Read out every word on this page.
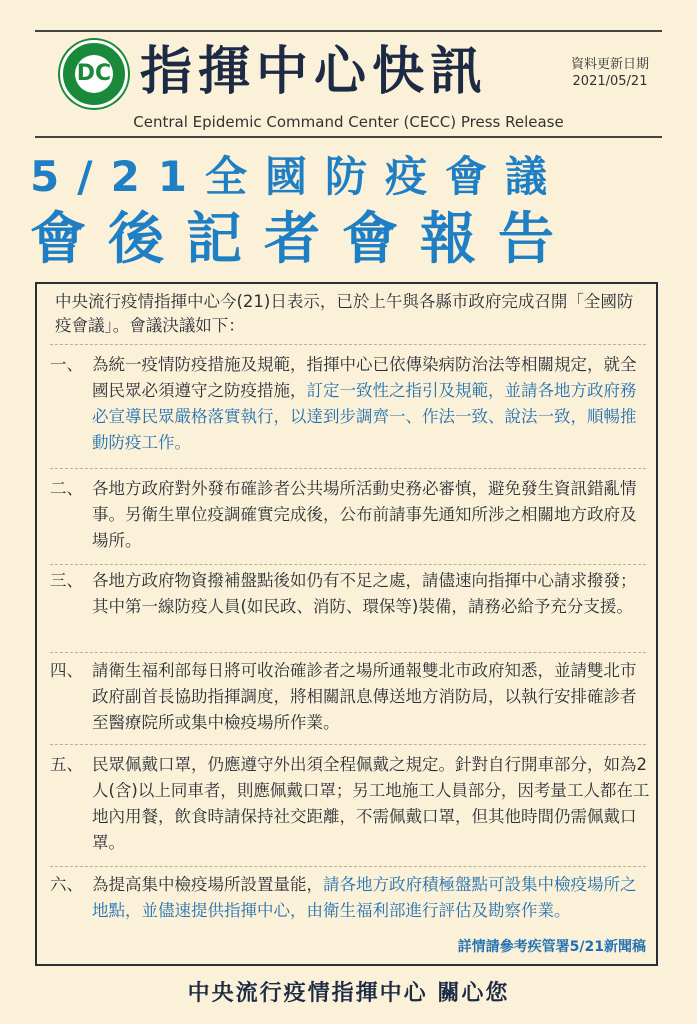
DC 指揮中心快訊	資料更新日期
2021/05/21
Central Epidemic Command Center (CECC) Press Release
5/21全國防疫會議
會後記者會報告
中央流行疫情指揮中心今(21)日表示，已於上午與各縣市政府完成召開「全國防疫會議」。會議決議如下：
一、 為統一疫情防疫措施及規範，指揮中心已依傳染病防治法等相關規定，就全國民眾必須遵守之防疫措施，訂定一致性之指引及規範，並請各地方政府務必宣導民眾嚴格落實執行，以達到步調齊一、作法一致、說法一致，順暢推動防疫工作。
二、 各地方政府對外發布確診者公共場所活動史務必審慎，避免發生資訊錯亂情事。另衛生單位疫調確實完成後，公布前請事先通知所涉之相關地方政府及場所。
三、 各地方政府物資撥補盤點後如仍有不足之處，請儘速向指揮中心請求撥發；其中第一線防疫人員(如民政、消防、環保等)裝備，請務必給予充分支援。
四、 請衛生福利部每日將可收治確診者之場所通報雙北市政府知悉，並請雙北市政府副首長協助指揮調度，將相關訊息傳送地方消防局，以執行安排確診者至醫療院所或集中檢疫場所作業。
五、 民眾佩戴口罩，仍應遵守外出須全程佩戴之規定。針對自行開車部分，如為2人(含)以上同車者，則應佩戴口罩；另工地施工人員部分，因考量工人都在工地內用餐，飲食時請保持社交距離，不需佩戴口罩，但其他時間仍需佩戴口罩。
六、 為提高集中檢疫場所設置量能，請各地方政府積極盤點可設集中檢疫場所之地點，並儘速提供指揮中心，由衛生福利部進行評估及勘察作業。
詳情請參考疾管署5/21新聞稿
中央流行疫情指揮中心 關心您
